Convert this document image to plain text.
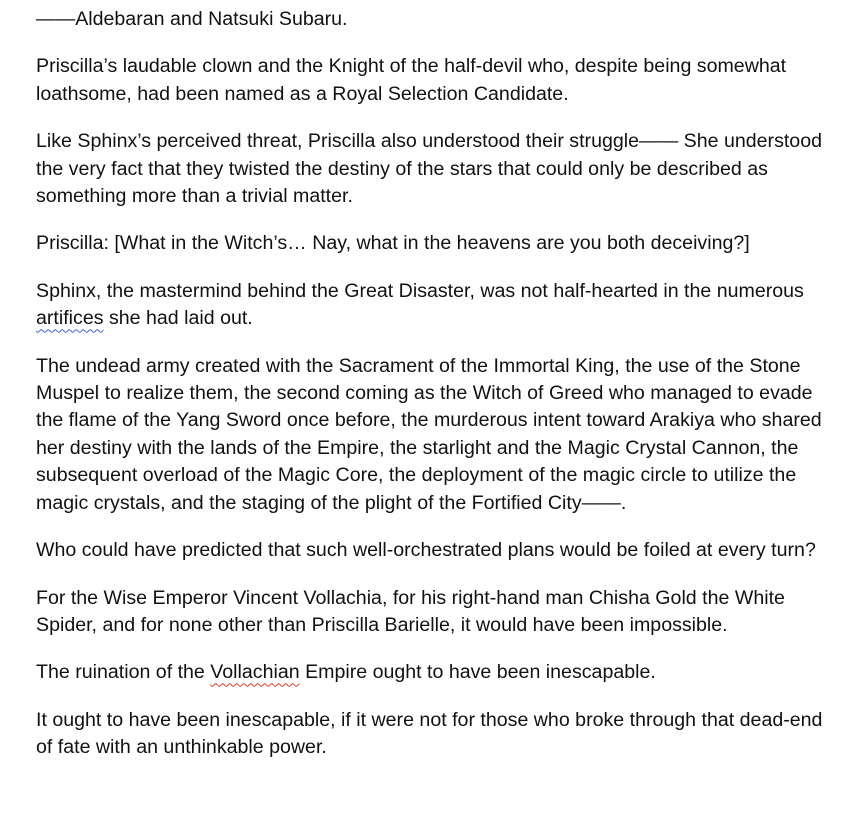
——Aldebaran and Natsuki Subaru.

Priscilla’s laudable clown and the Knight of the half-devil who, despite being somewhat loathsome, had been named as a Royal Selection Candidate.

Like Sphinx’s perceived threat, Priscilla also understood their struggle—— She understood the very fact that they twisted the destiny of the stars that could only be described as something more than a trivial matter.

Priscilla: [What in the Witch’s… Nay, what in the heavens are you both deceiving?]

Sphinx, the mastermind behind the Great Disaster, was not half-hearted in the numerous artifices she had laid out.

The undead army created with the Sacrament of the Immortal King, the use of the Stone Muspel to realize them, the second coming as the Witch of Greed who managed to evade the flame of the Yang Sword once before, the murderous intent toward Arakiya who shared her destiny with the lands of the Empire, the starlight and the Magic Crystal Cannon, the subsequent overload of the Magic Core, the deployment of the magic circle to utilize the magic crystals, and the staging of the plight of the Fortified City——.

Who could have predicted that such well-orchestrated plans would be foiled at every turn?

For the Wise Emperor Vincent Vollachia, for his right-hand man Chisha Gold the White Spider, and for none other than Priscilla Barielle, it would have been impossible.

The ruination of the Vollachian Empire ought to have been inescapable.

It ought to have been inescapable, if it were not for those who broke through that dead-end of fate with an unthinkable power.
